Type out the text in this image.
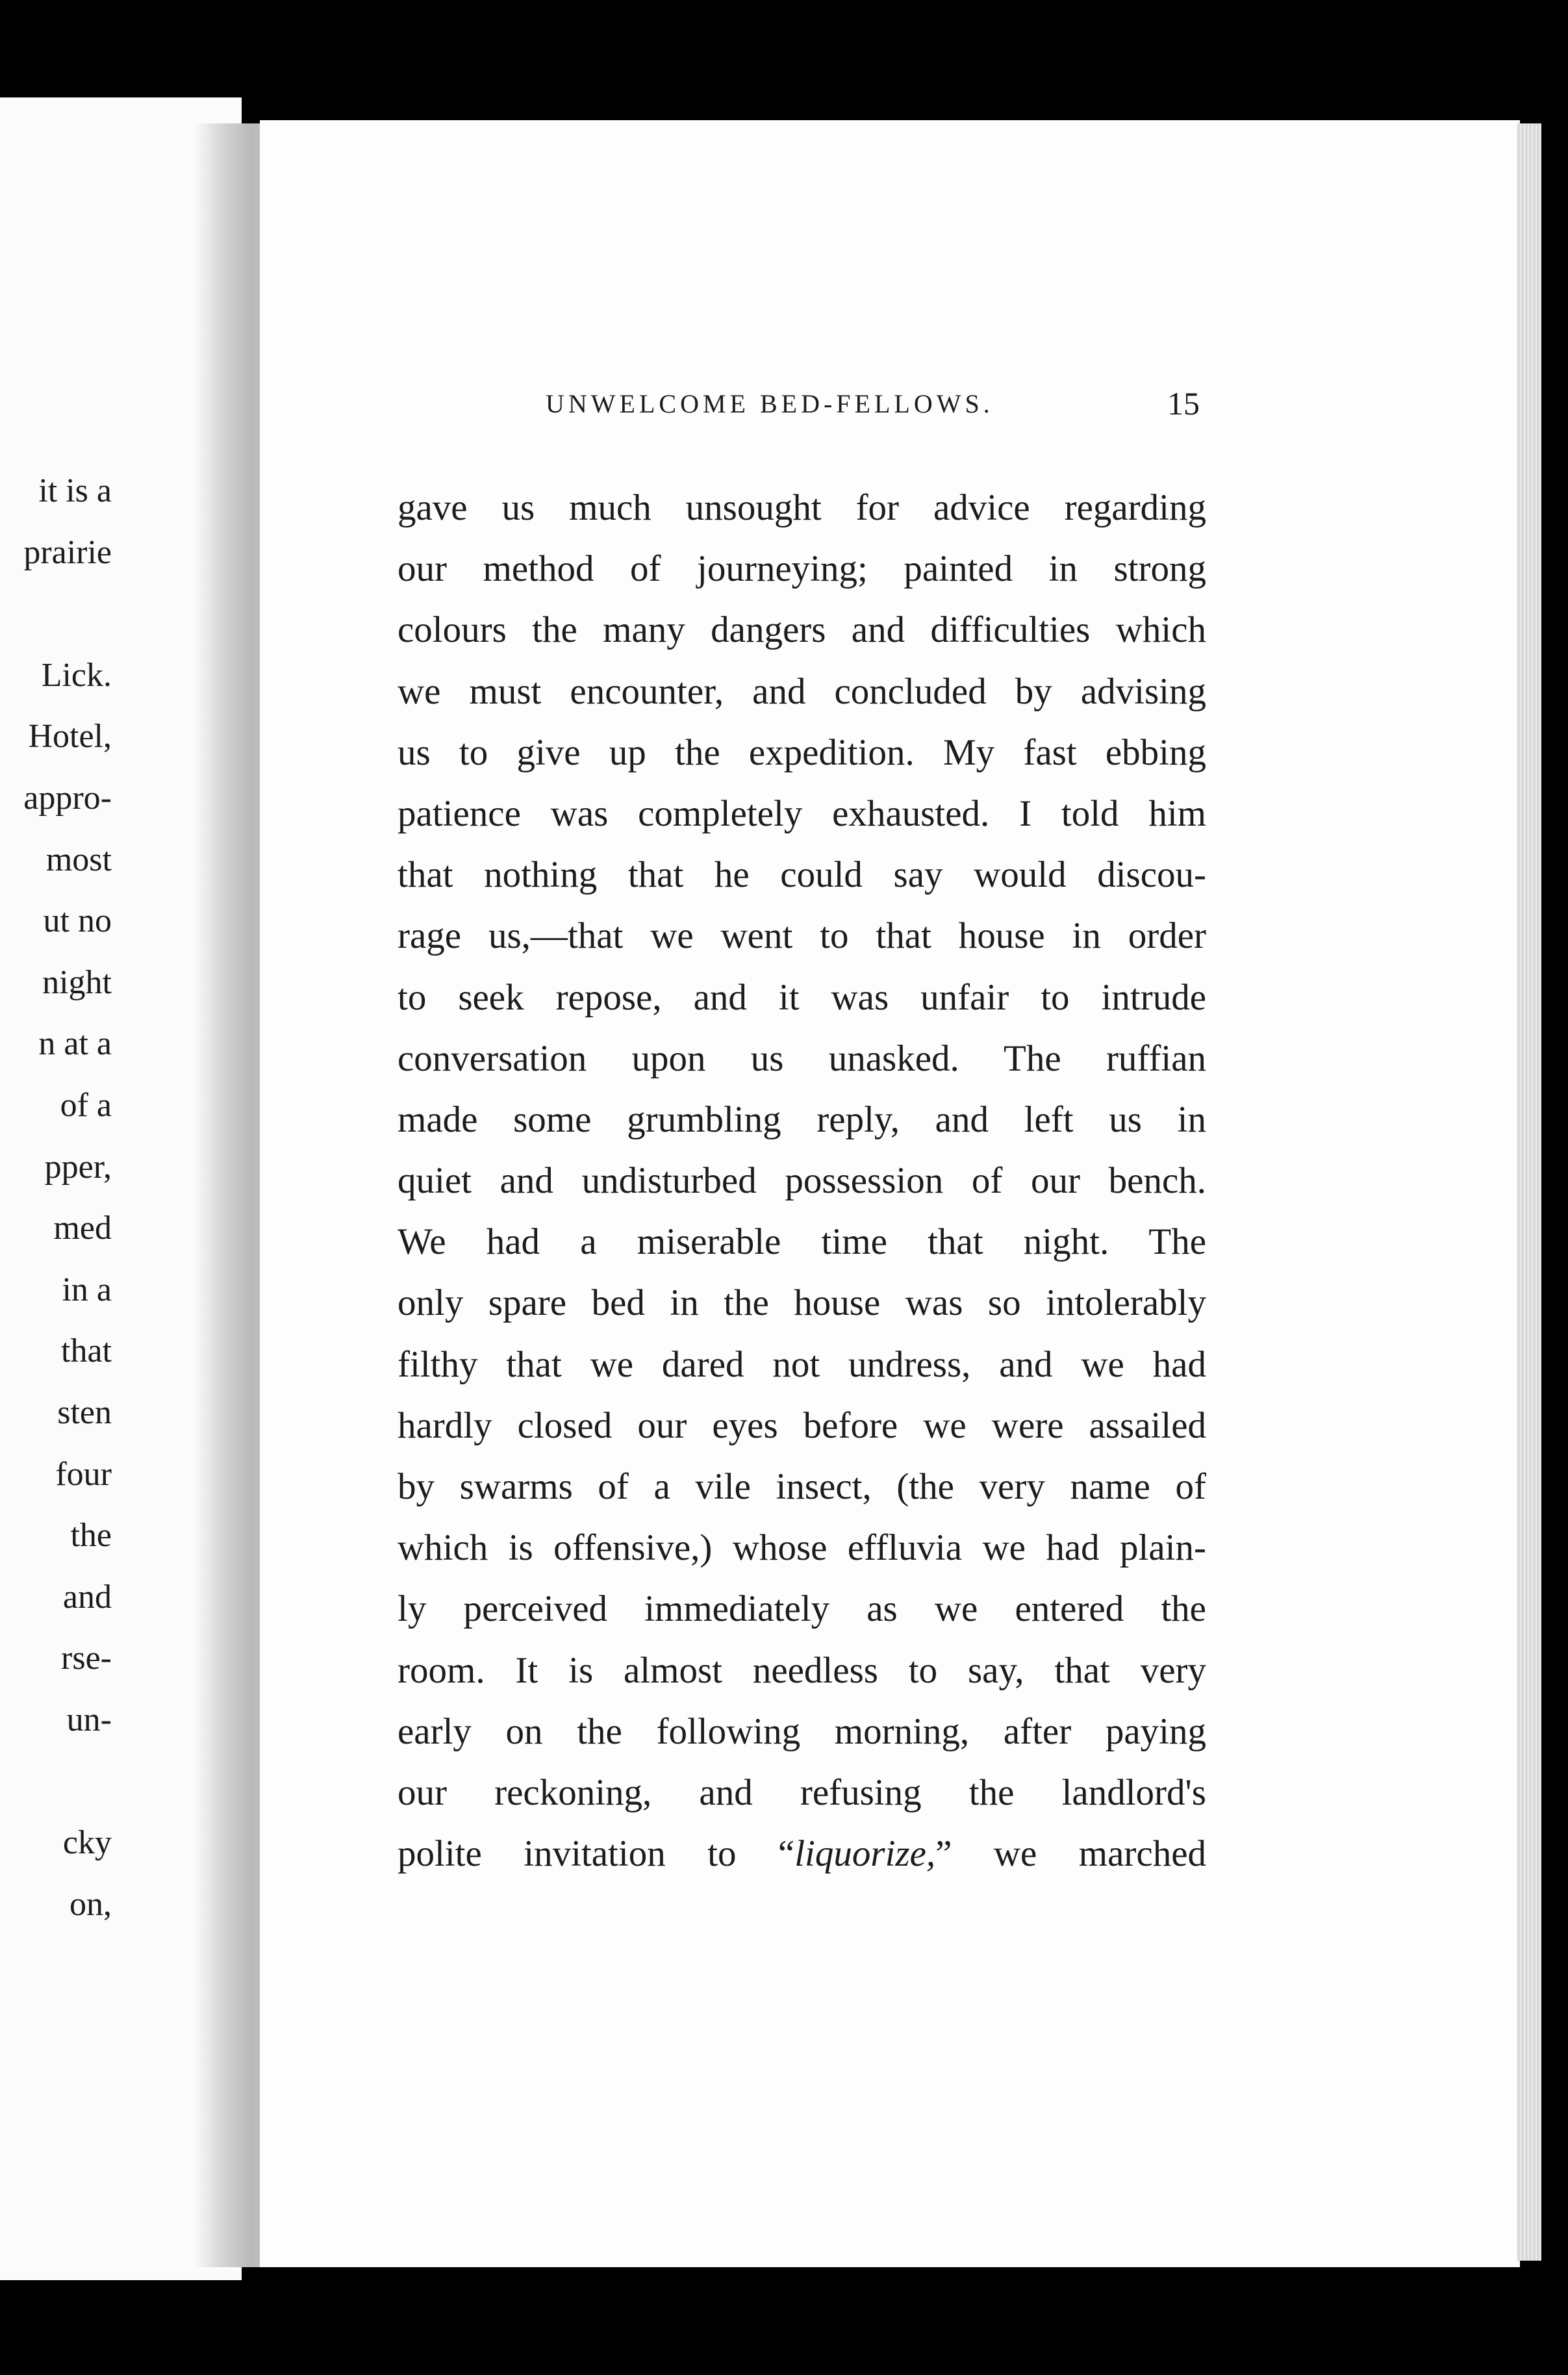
it is a
prairie
Lick.
Hotel,
appro-
most
ut no
night
n at a
of a
pper,
med
in a
that
sten
four
the
and
rse-
un-
cky
on,
UNWELCOME BED-FELLOWS.	15
gave us much unsought for advice regarding
our method of journeying; painted in strong
colours the many dangers and difficulties which
we must encounter, and concluded by advising
us to give up the expedition. My fast ebbing
patience was completely exhausted. I told him
that nothing that he could say would discou-
rage us,—that we went to that house in order
to seek repose, and it was unfair to intrude
conversation upon us unasked. The ruffian
made some grumbling reply, and left us in
quiet and undisturbed possession of our bench.
We had a miserable time that night. The
only spare bed in the house was so intolerably
filthy that we dared not undress, and we had
hardly closed our eyes before we were assailed
by swarms of a vile insect, (the very name of
which is offensive,) whose effluvia we had plain-
ly perceived immediately as we entered the
room. It is almost needless to say, that very
early on the following morning, after paying
our reckoning, and refusing the landlord's
polite invitation to “liquorize,” we marched
